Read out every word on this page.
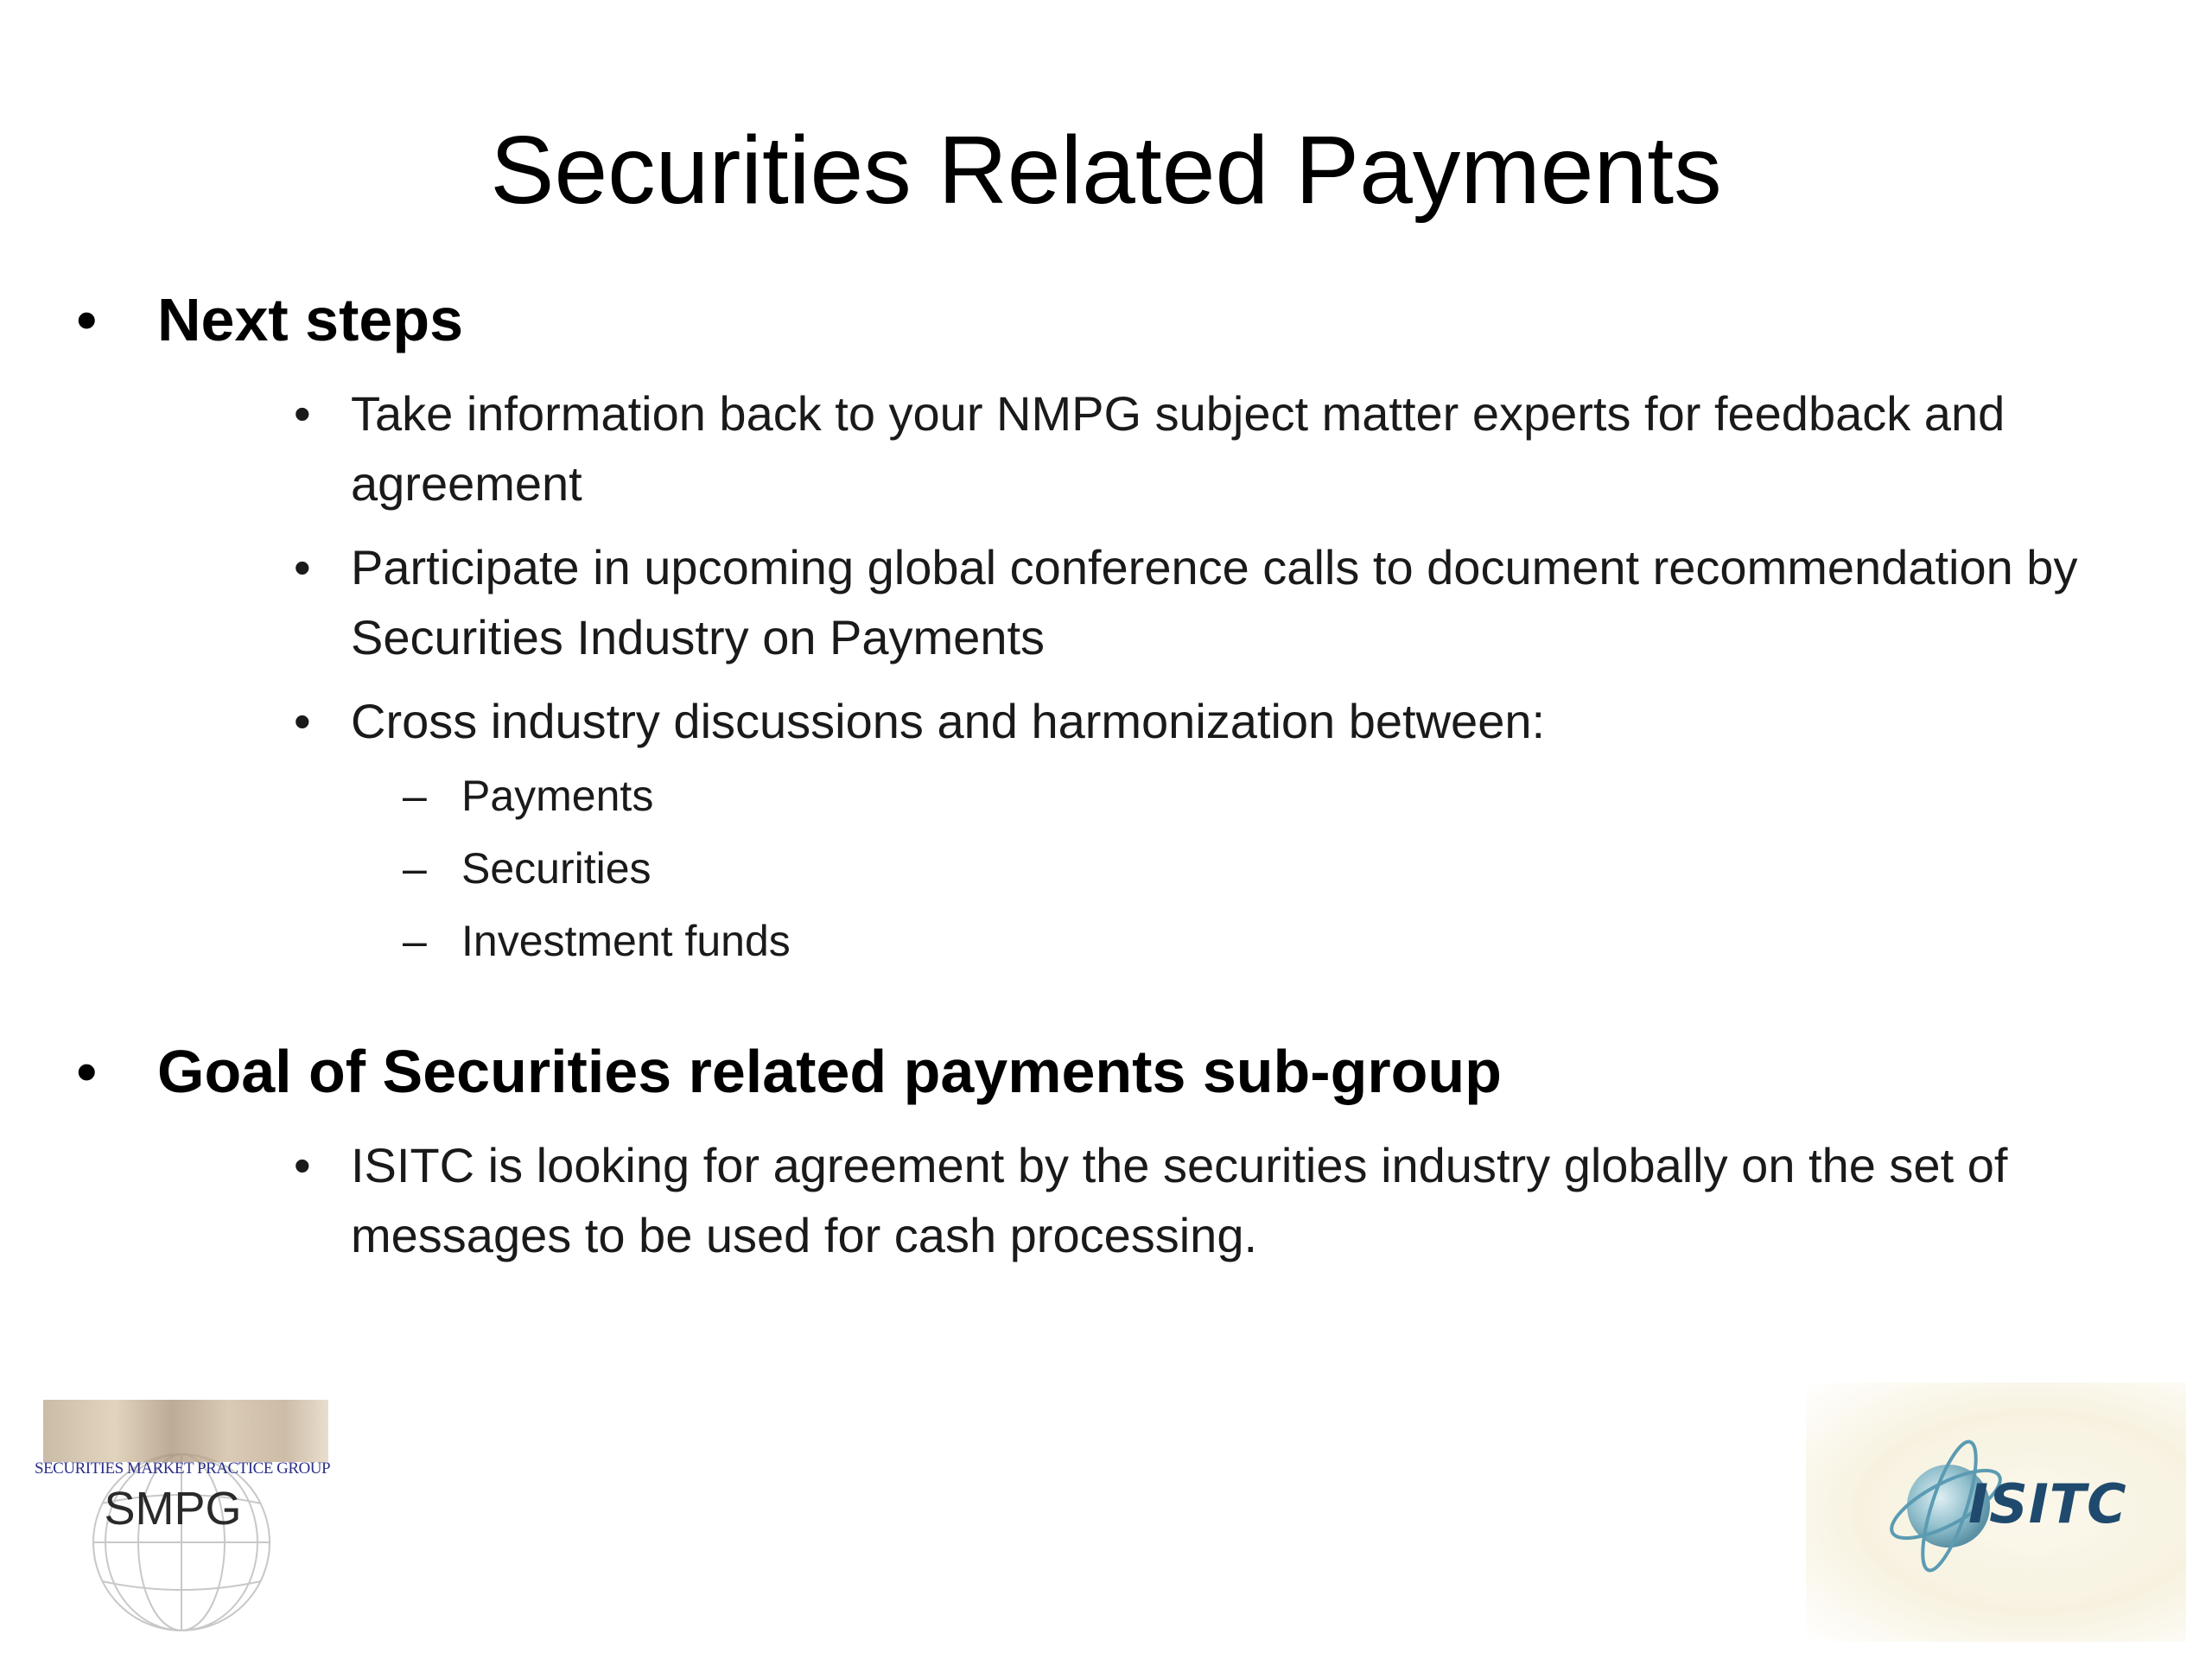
Securities Related Payments
• Next steps
• Take information back to your NMPG subject matter experts for feedback and
agreement
• Participate in upcoming global conference calls to document recommendation by
Securities Industry on Payments
• Cross industry discussions and harmonization between:
– Payments
– Securities
– Investment funds
• Goal of Securities related payments sub-group
• ISITC is looking for agreement by the securities industry globally on the set of
messages to be used for cash processing.
SECURITIES MARKET PRACTICE GROUP
SMPG	ISITC
